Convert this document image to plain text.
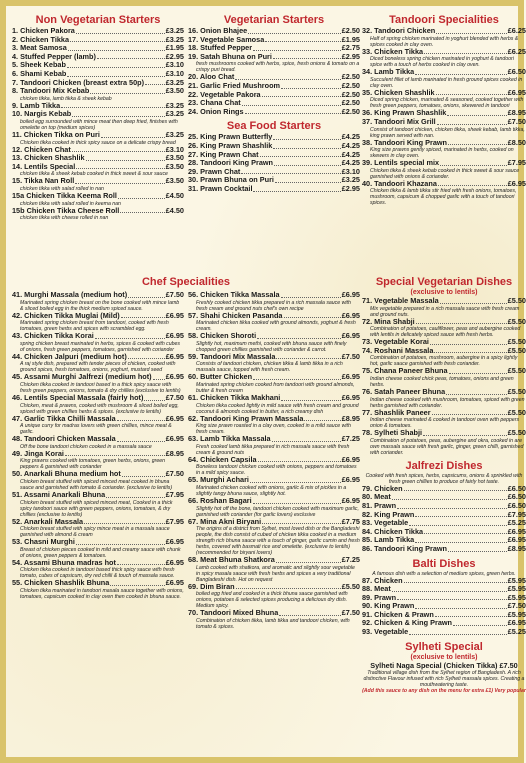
Non Vegetarian Starters
1. Chicken Pakora	£3.25
2. Chicken Tikka	£3.25
3. Meat Samosa	£1.95
4. Stuffed Pepper (lamb)	£2.95
5. Sheek Kebab	£3.10
6. Shami Kebab	£3.10
7. Tandoori Chicken (breast extra 50p)	£3.25
8. Tandoori Mix Kebab	£3.50
chicken tikka, lamb tikka & sheek kebab
9. Lamb Tikka	£3.25
10. Nargis Kebab	£3.25
boiled egg surrounded with mince meat then deep fried, finishes with omelette on top (medium spices)
11. Chicken Tikka on Puri	£3.25
Chicken tikka cooked in thick spicy sauce on a delicate crispy bread
12. Chicken Chat	£3.10
13. Chicken Shashlik	£3.50
14. Lentils Special	£3.50
chicken tikka & sheek kebab cooked in thick sweet & sour sauce
15. Tikka Nan Roll	£3.50
chicken tikka with salad rolled in nan
15a Chicken Tikka Keema Roll	£4.50
chicken tikka with salad rolled in keema nan
15b Chicken Tikka Cheese Roll	£4.50
chicken tikka with cheese rolled in nan
Vegetarian Starters
16. Onion Bhajee	£2.50
17. Vegetable Samosa	£1.95
18. Stuffed Pepper	£2.75
19. Satah Bhuna on Puri	£2.95
fresh mushrooms cooked with herbs, spice, fresh onions & tomato on a crispy puri bread.
20. Aloo Chat	£2.50
21. Garlic Fried Mushroom	£2.50
22. Vegetable Pakora	£2.50
23. Chana Chat	£2.50
24. Onion Rings	£2.50
Sea Food Starters
25. King Prawn Butterfly	£4.25
26. King Prawn Shashlik	£4.25
27. King Prawn Chat	£4.25
28. Tandoori King Prawn	£4.25
29. Prawn Chat	£3.10
30. Prawn Bhuna on Puri	£3.25
31. Prawn Cocktail	£2.95
Tandoori Specialities
32. Tandoori Chicken	£6.25
Half of spring chicken marinated in yoghurt blended with herbs & spices cooked in clay oven.
33. Chicken Tikka	£6.25
Diced boneless spring chicken marinated in yoghurt & tandoori spice with a touch of herbs cooked in clay oven.
34. Lamb Tikka	£6.50
Succulent fillet of lamb marinated in fresh ground spices cooked in clay oven.
35. Chicken Shashlik	£6.95
Diced spring chicken, marinated & seasoned, cooked together with fresh green peppers, tomatoes, onions, skewered in tandoori
36. King Prawn Shashlik	£8.95
37. Tandoori Mix Grill	£7.50
Consist of tandoori chicken, chicken tikka, sheek kebab, lamb tikka, king prawn served with nan.
38. Tandoori King Prawn	£8.50
King size prawns gently spiced, marinated in herbs, cooked on skewers in clay oven.
39. Lentils special mix	£7.95
Chicken tikka & sheek kebab cooked in thick sweet & sour sauce garnished with onions & coriander.
40. Tandoori Khazana	£6.95
Chicken tikka & lamb tikka stir fried with fresh onions, tomatoes, mushroom, capsicum & chopped garlic with a touch of tandoori spices.
Chef Specialities
41. Murghi Massala (medium hot)	£7.50
Marinated spring chicken breast on the bone cooked with mince lamb & sliced boiled egg in the thick medium spiced sauce.
42. Chicken Tikka Muglai (Mild)	£6.95
Marinated spring chicken breast from tandoori, cooked with fresh tomatoes, green herbs and spices with scrambled egg.
43. Chicken Tikka Korai	£6.95
spring chicken breast marinated in herbs, spices & cooked with cubes of onions, fresh green peppers, tomatoes, garnished with coriander
44. Chicken Jalpuri (medium hot)	£6.95
A raj style dish, prepared with tender pieces of chicken, cooked with ground spices, fresh tomatoes, onions, yoghurt, mustard seed
45. Assami Murghi Jalfrezi (medium hot) £6.95
Chicken tikka cooked in tandoori based in a thick spicy sauce with fresh green peppers, onions, tomato & dry chillies (exclusive to lentils)
46. Lentils Special Massala (fairly hot)	£7.50
Chicken, meat & prawns, cooked with mushroom & sliced boiled egg, spiced with green chillies herbs & spices. (exclusive to lentils)
47. Garlic Tikka Chilli Massala	£6.95
A unique curry for madras lovers with green chillies, mince meat & garlic.
48. Tandoori Chicken Massala	£6.95
Off the bone tandoori chicken cooked in a massala sauce
49. Jinga Korai	£8.95
King prawns cooked with tomatoes, green herbs, onions, green peppers & garnished with coriander
50. Anarkali Bhuna medium hot	£7.50
Chicken breast stuffed with spiced minced meat cooked in bhuna sauce and garnished with tomato & coriander. (exclusive to lentils)
51. Assami Anarkali Bhuna	£7.95
Chicken breast stuffed with spiced minced meat, Cooked in a thick spicy tandoori sauce with green peppers, onions, tomatoes, & dry chillies (exclusive to lentils)
52. Anarkali Massala	£7.95
Chicken breast stuffed with spicy mince meat in a massala sauce garnished with almond & cream
53. Chasni Murghi	£6.95
Breast of chicken pieces cooked in mild and creamy sauce with chunk of onions, green peppers & tomatoes.
54. Assami Bhuna madras hot	£6.95
Chicken tikka cooked in tandoori based thick spicy sauce with fresh tomato, cubes of capsicum, dry red chilli & touch of massala sauce.
55. Chicken Shashlik Bhuna	£6.95
Chicken tikka marinated in tandoori masala sauce together with onions, tomatoes, capsicum cooked in clay oven then cooked in bhuna sauce.
56. Chicken Tikka Massala	£6.95
Freshly cooked chicken tikka prepared in a rich massala sauce with fresh cream and ground nuts chef's own recipe
57. Shahi Chicken Pasanda	£6.95
Marinated chicken tikka cooked with ground almonds, yoghurt & fresh cream.
58. Chicken Shoroti	£6.95
Slightly hot, maximum methi, cooked with bhuna sauce with finely chopped green chillies garnished with coriander & carrot.
59. Tandoori Mix Massala	£7.50
Consists of tandoori chicken, chicken tikka & lamb tikka in a rich massala sauce, topped with fresh cream.
60. Butter Chicken	£6.95
Marinated spring chicken cooked from tandoori with ground almonds, butter & fresh cream
61. Chicken Tikka Makhani	£6.95
Chicken tikka cooked lightly in mild sauce with fresh cream and ground coconut & almonds cooked in butter, a rich creamy dish
62. Tandoori King Prawn Massala	£8.95
King size prawn roasted in a clay oven, cooked in a mild sauce with fresh cream.
63. Lamb Tikka Massala	£7.25
Fresh cooked lamb tikka prepared in rich massala sauce with fresh cream & ground nuts
64. Chicken Capsila	£6.95
Boneless tandoori chicken cooked with onions, peppers and tomatoes in a mild spicy sauce.
65. Murghi Achari	£6.95
Marinated chicken cooked with onions, garlic & mix of pickles in a slightly tangy bhuna sauce, slightly hot.
66. Roshan Bagari	£6.95
Slightly hot off the bone, tandoori chicken cooked with maximum garlic, garnished with coriander (for garlic lovers) exclusive
67. Mina Akni Biryani	£7.75
The origins of a district from Sylhet, most loved dish or the Bangladeshi people, the dish consist of cubed of chicken tikka cooked in a medium strength rich bhuna sauce with a touch of ginger, garlic cumin and fresh herbs, covered with basmati rice and omelette. (exclusive to lentils) (recommended for biryani lovers)
68. Meat Bhuna Shatkora	£7.25
Lamb cooked with shatkora, and aromatic and slightly sour vegetable in spicy masala sauce with fresh herbs and spices a very traditional Bangladeshi dish. Hot on request
69. Dim Biran	£5.50
boiled egg fried and cooked in a thick bhuna sauce garnished with onions, potatoes & selected spices producing a delicious dry dish. Medium spicy.
70. Tandoori Mixed Bhuna	£7.50
Combination of chicken tikka, lamb tikka and tandoori chicken, with tomato & spices.
Special Vegetarian Dishes
(exclusive to lentils)
71. Vegetable Massala	£5.50
Mix vegetable prepared in a rich massala sauce with fresh cream and ground nuts.
72. Mina Shabji	£5.50
Combination of potatoes, cauliflower, peas and aubergine cooked with lentils in delicately spiced sauce with fresh herbs.
73. Vegetable Korai	£5.50
74. Roshani Massala	£5.50
Combination of potatoes, mushroom, aubergine in a spicy lightly hot, garlic sauce garnished with fresh coriander.
75. Chana Paneer Bhuna	£5.50
Indian cheese cooked chick peas, tomatoes, onions and green herbs.
76. Satah Paneer Bhuna	£5.50
Indian cheese cooked with mushroom, tomatoes, spiced with green herbs garnished with coriander.
77. Shashlik Paneer	£5.50
Indian cheese marinated & cooked in tandoori oven with peppers onion & tomatoes.
78. Sylheti Shabji	£5.50
Combination of potatoes, peas, aubergine and okra, cooked in are own massala sauce with fresh garlic, ginger, green chilli, garnished with coriander.
Jalfrezi Dishes
Cooked with fresh spices, herbs, capsicums, onions & sprinkled with fresh green chillies to produce of fairly hot taste.
79. Chicken	£6.50
80. Meat	£6.50
81. Prawn	£6.50
82. King Prawn	£7.95
83. Vegetable	£5.25
84. Chicken Tikka	£6.95
85. Lamb Tikka	£6.95
86. Tandoori King Prawn	£8.95
Balti Dishes
A famous dish with a selection of medium spices, green herbs.
87. Chicken	£5.95
88. Meat	£5.95
89. Prawn	£5.95
90. King Prawn	£7.50
91. Chicken & Prawn	£5.95
92. Chicken & King Prawn	£6.95
93. Vegetable	£5.25
Sylheti Special
(exclusive to lentils)
Sylheti Naga Special (Chicken Tikka) £7.50
Traditional village dish from the Sylhet region of Bangladesh. A rich distinctive Flavour infused with rich Sylheti massala spices. Creating a mouthwatering taste.
(Add this sauce to any dish on the menu for extra £1) Very popular
